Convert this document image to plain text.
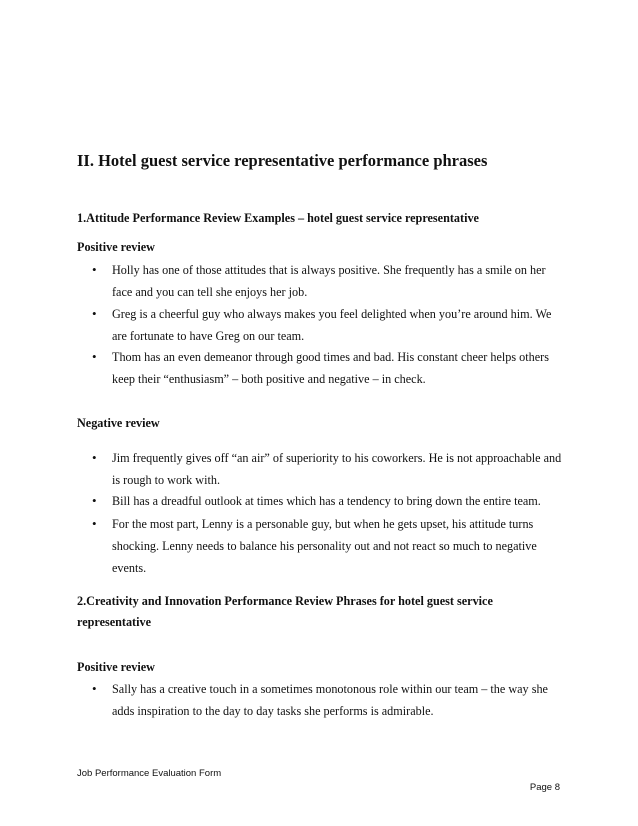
II. Hotel guest service representative performance phrases
1.Attitude Performance Review Examples – hotel guest service representative
Positive review
•	Holly has one of those attitudes that is always positive. She frequently has a smile on her face and you can tell she enjoys her job.
•	Greg is a cheerful guy who always makes you feel delighted when you’re around him. We are fortunate to have Greg on our team.
•	Thom has an even demeanor through good times and bad. His constant cheer helps others keep their “enthusiasm” – both positive and negative – in check.
Negative review
•	Jim frequently gives off “an air” of superiority to his coworkers. He is not approachable and is rough to work with.
•	Bill has a dreadful outlook at times which has a tendency to bring down the entire team.
•	For the most part, Lenny is a personable guy, but when he gets upset, his attitude turns shocking. Lenny needs to balance his personality out and not react so much to negative events.
2.Creativity and Innovation Performance Review Phrases for hotel guest service
representative
Positive review
•	Sally has a creative touch in a sometimes monotonous role within our team – the way she adds inspiration to the day to day tasks she performs is admirable.
Job Performance Evaluation Form
Page 8
